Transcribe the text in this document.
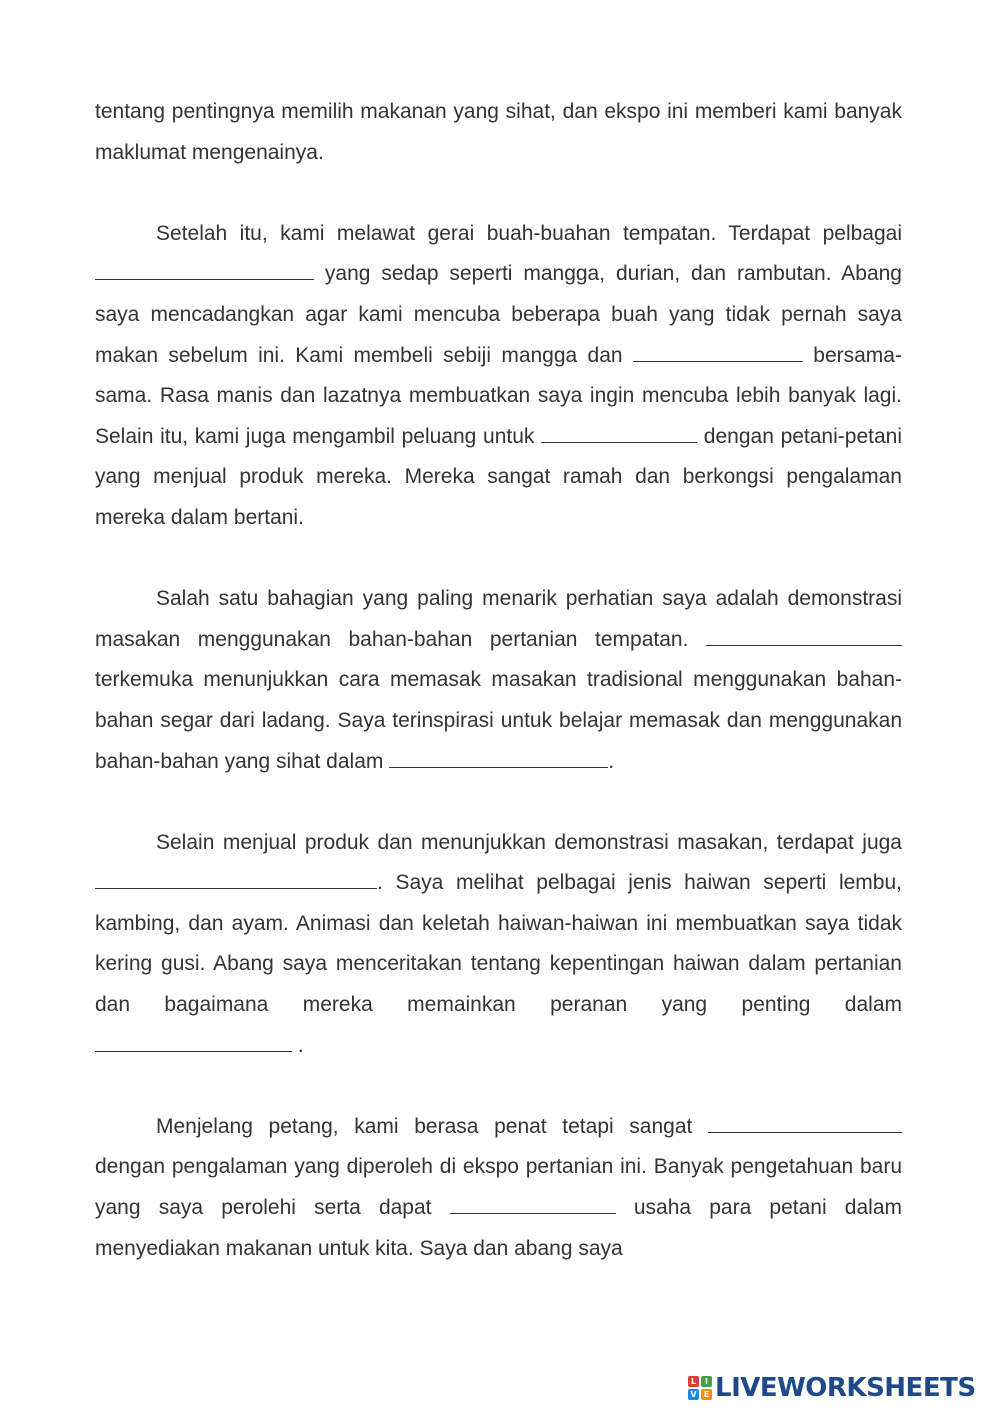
tentang pentingnya memilih makanan yang sihat, dan ekspo ini memberi kami banyak maklumat mengenainya.

Setelah itu, kami melawat gerai buah-buahan tempatan. Terdapat pelbagai  yang sedap seperti mangga, durian, dan rambutan. Abang saya mencadangkan agar kami mencuba beberapa buah yang tidak pernah saya makan sebelum ini. Kami membeli sebiji mangga dan	bersama-sama. Rasa manis dan lazatnya membuatkan saya ingin mencuba lebih banyak lagi. Selain itu, kami juga mengambil peluang untuk	dengan petani-petani yang menjual produk mereka. Mereka sangat ramah dan berkongsi pengalaman mereka dalam bertani.

Salah satu bahagian yang paling menarik perhatian saya adalah demonstrasi masakan menggunakan bahan-bahan pertanian tempatan.  terkemuka menunjukkan cara memasak masakan tradisional menggunakan bahan-bahan segar dari ladang. Saya terinspirasi untuk belajar memasak dan menggunakan bahan-bahan yang sihat dalam	.

Selain menjual produk dan menunjukkan demonstrasi masakan, terdapat juga . Saya melihat pelbagai jenis haiwan seperti lembu, kambing, dan ayam. Animasi dan keletah haiwan-haiwan ini membuatkan saya tidak kering gusi. Abang saya menceritakan tentang kepentingan haiwan dalam pertanian dan bagaimana mereka memainkan peranan yang penting dalam  .

Menjelang petang, kami berasa penat tetapi sangat  dengan pengalaman yang diperoleh di ekspo pertanian ini. Banyak pengetahuan baru yang saya perolehi serta dapat	usaha para petani dalam menyediakan makanan untuk kita. Saya dan abang saya

L	I
V E LIVEWORKSHEETS
